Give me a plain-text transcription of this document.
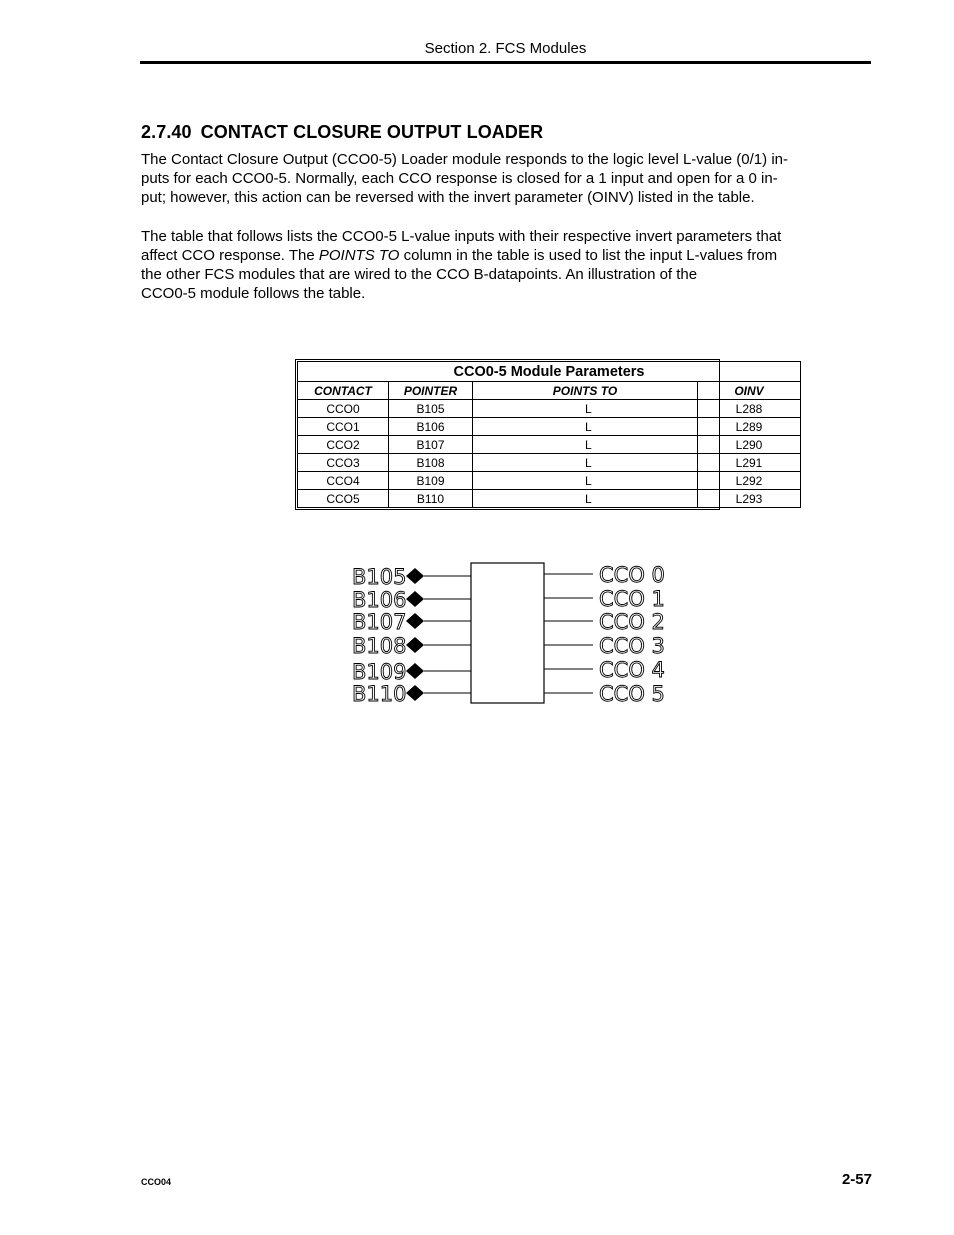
Section 2. FCS Modules
2.7.40 CONTACT CLOSURE OUTPUT LOADER

The Contact Closure Output (CCO0-5) Loader module responds to the logic level L-value (0/1) in-
puts for each CCO0-5. Normally, each CCO response is closed for a 1 input and open for a 0 in-
put; however, this action can be reversed with the invert parameter (OINV) listed in the table.

The table that follows lists the CCO0-5 L-value inputs with their respective invert parameters that
affect CCO response. The POINTS TO column in the table is used to list the input L-values from
the other FCS modules that are wired to the CCO B-datapoints. An illustration of the
CCO0-5 module follows the table.

CCO0-5 Module Parameters
CONTACT	POINTER	POINTS TO	OINV
CCO0	B105	L	L288
CCO1	B106	L	L289
CCO2	B107	L	L290
CCO3	B108	L	L291
CCO4	B109	L	L292
CCO5	B110	L	L293
B105
B106
B107
B108
B109
B110
CCO 0
CCO 1
CCO 2
CCO 3
CCO 4
CCO 5
CCO04	2-57
